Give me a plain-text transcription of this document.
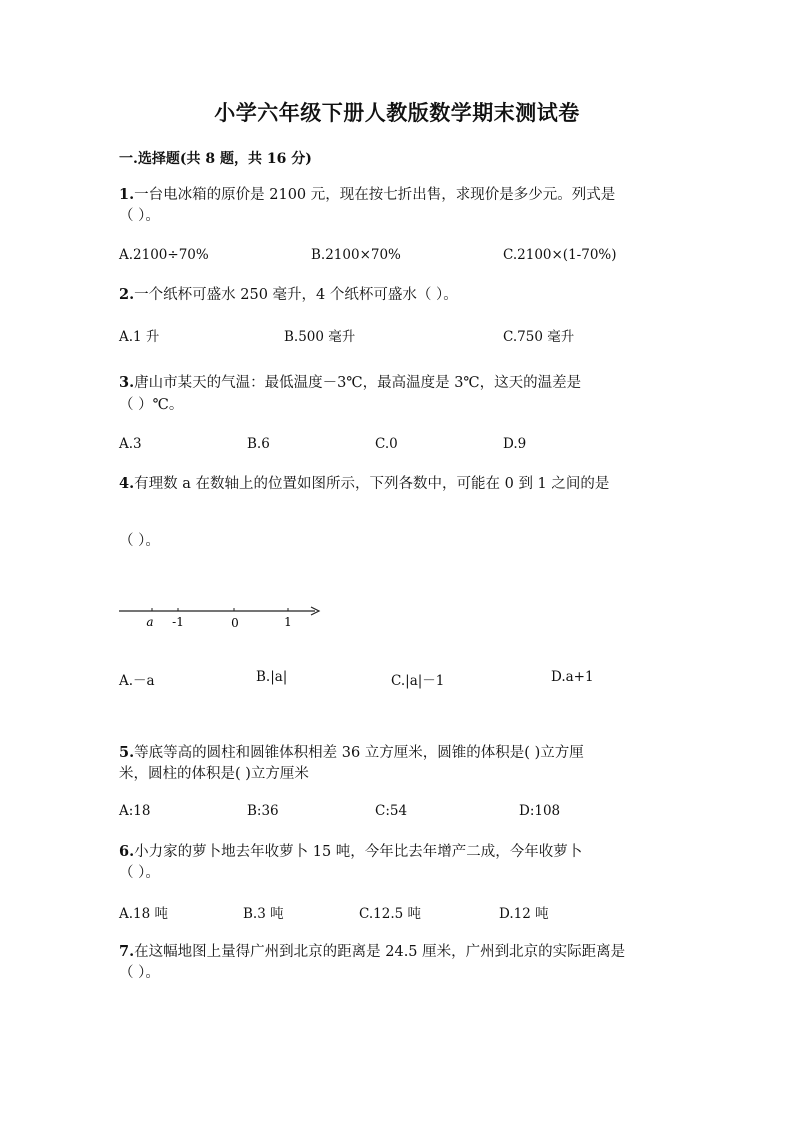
小学六年级下册人教版数学期末测试卷
一.选择题(共 8 题，共 16 分)
1.一台电冰箱的原价是 2100 元，现在按七折出售，求现价是多少元。列式是
（ ）。
A.2100÷70%	B.2100×70%	C.2100×(1-70%)
2.一个纸杯可盛水 250 毫升，4 个纸杯可盛水（ ）。
A.1 升	B.500 毫升	C.750 毫升
3.唐山市某天的气温：最低温度－3℃，最高温度是 3℃，这天的温差是
（ ）℃。
A.3	B.6	C.0	D.9
4.有理数 a 在数轴上的位置如图所示，下列各数中，可能在 0 到 1 之间的是
（ ）。
a -1	0	1
A.－a	B.|a|	C.|a|－1	D.a+1
5.等底等高的圆柱和圆锥体积相差 36 立方厘米，圆锥的体积是( )立方厘
米，圆柱的体积是( )立方厘米
A:18	B:36	C:54	D:108
6.小力家的萝卜地去年收萝卜 15 吨，今年比去年增产二成，今年收萝卜
（ ）。
A.18 吨	B.3 吨	C.12.5 吨	D.12 吨
7.在这幅地图上量得广州到北京的距离是 24.5 厘米，广州到北京的实际距离是
（ ）。
